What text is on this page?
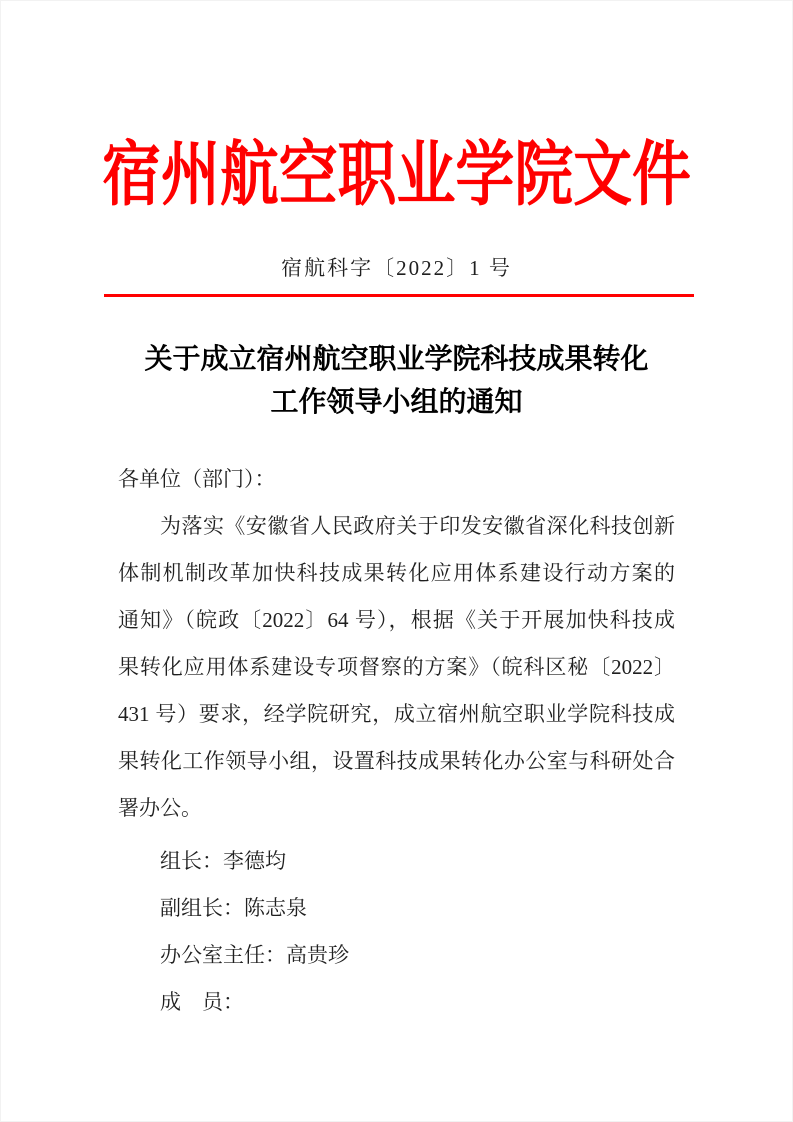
宿州航空职业学院文件
宿航科字〔2022〕1 号
关于成立宿州航空职业学院科技成果转化
工作领导小组的通知

各单位（部门）：

为落实《安徽省人民政府关于印发安徽省深化科技创新

体制机制改革加快科技成果转化应用体系建设行动方案的

通知》（皖政〔2022〕64 号），根据《关于开展加快科技成

果转化应用体系建设专项督察的方案》（皖科区秘〔2022〕

431 号）要求，经学院研究，成立宿州航空职业学院科技成

果转化工作领导小组，设置科技成果转化办公室与科研处合

署办公。

组长：李德均

副组长：陈志泉

办公室主任：高贵珍

成　员：
